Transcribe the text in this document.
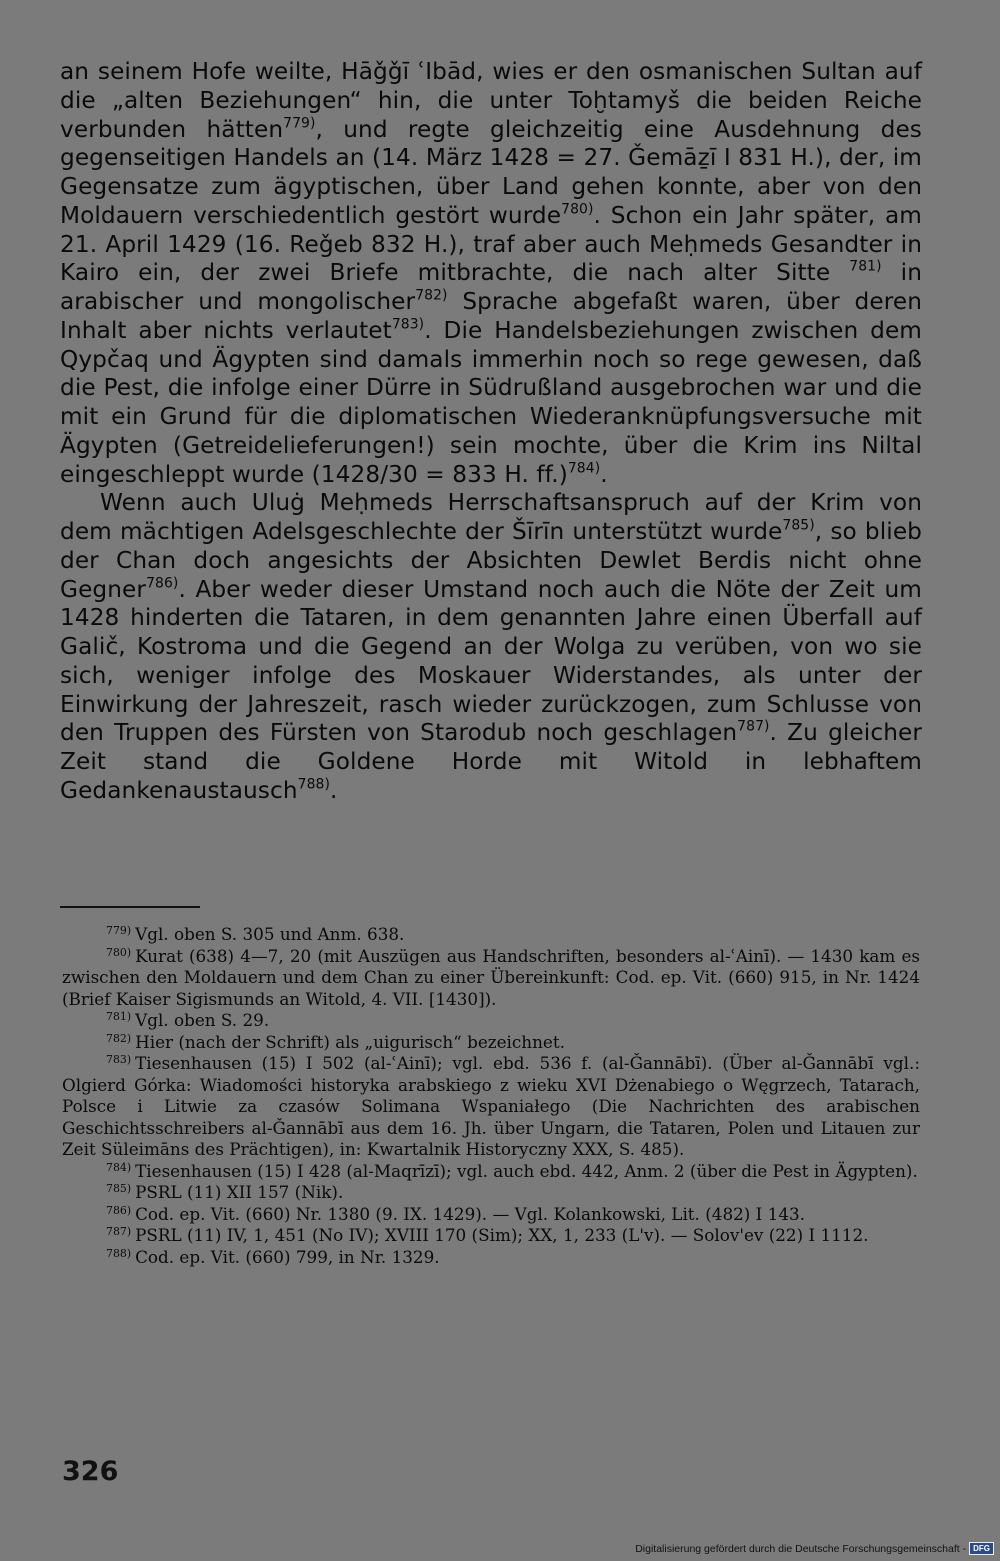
an seinem Hofe weilte, Hāǧǧī ʿIbād, wies er den osmanischen Sultan auf die „alten Beziehungen“ hin, die unter Toḫtamyš die beiden Reiche verbunden hätten$^{779)}$, und regte gleichzeitig eine Ausdehnung des gegenseitigen Handels an (14. März 1428 = 27. Ǧemāẕī I 831 H.), der, im Gegensatze zum ägyptischen, über Land gehen konnte, aber von den Moldauern verschiedentlich gestört wurde$^{780)}$. Schon ein Jahr später, am 21. April 1429 (16. Reǧeb 832 H.), traf aber auch Meḥmeds Gesandter in Kairo ein, der zwei Briefe mitbrachte, die nach alter Sitte $^{781)}$ in arabischer und mongolischer$^{782)}$ Sprache abgefaßt waren, über deren Inhalt aber nichts verlautet$^{783)}$. Die Handelsbeziehungen zwischen dem Qypčaq und Ägypten sind damals immerhin noch so rege gewesen, daß die Pest, die infolge einer Dürre in Südrußland ausgebrochen war und die mit ein Grund für die diplomatischen Wiederanknüpfungsversuche mit Ägypten (Getreidelieferungen!) sein mochte, über die Krim ins Niltal eingeschleppt wurde (1428/30 = 833 H. ff.)$^{784)}$.

Wenn auch Uluġ Meḥmeds Herrschaftsanspruch auf der Krim von dem mächtigen Adelsgeschlechte der Šīrīn unterstützt wurde$^{785)}$, so blieb der Chan doch angesichts der Absichten Dewlet Berdis nicht ohne Gegner$^{786)}$. Aber weder dieser Umstand noch auch die Nöte der Zeit um 1428 hinderten die Tataren, in dem genannten Jahre einen Überfall auf Galič, Kostroma und die Gegend an der Wolga zu verüben, von wo sie sich, weniger infolge des Moskauer Widerstandes, als unter der Einwirkung der Jahreszeit, rasch wieder zurückzogen, zum Schlusse von den Truppen des Fürsten von Starodub noch geschlagen$^{787)}$. Zu gleicher Zeit stand die Goldene Horde mit Witold in lebhaftem Gedankenaustausch$^{788)}$.

$^{779)}$ Vgl. oben S. 305 und Anm. 638.

$^{780)}$ Kurat (638) 4—7, 20 (mit Auszügen aus Handschriften, besonders al-ʿAinī). — 1430 kam es zwischen den Moldauern und dem Chan zu einer Übereinkunft: Cod. ep. Vit. (660) 915, in Nr. 1424 (Brief Kaiser Sigismunds an Witold, 4. VII. [1430]).

$^{781)}$ Vgl. oben S. 29.

$^{782)}$ Hier (nach der Schrift) als „uigurisch“ bezeichnet.

$^{783)}$ Tiesenhausen (15) I 502 (al-ʿAinī); vgl. ebd. 536 f. (al-Ǧannābī). (Über al-Ǧannābī vgl.: Olgierd Górka: Wiadomości historyka arabskiego z wieku XVI Dżenabiego o Węgrzech, Tatarach, Polsce i Litwie za czasów Solimana Wspaniałego (Die Nachrichten des arabischen Geschichtsschreibers al-Ǧannābī aus dem 16. Jh. über Ungarn, die Tataren, Polen und Litauen zur Zeit Süleimāns des Prächtigen), in: Kwartalnik Historyczny XXX, S. 485).

$^{784)}$ Tiesenhausen (15) I 428 (al-Maqrīzī); vgl. auch ebd. 442, Anm. 2 (über die Pest in Ägypten).

$^{785)}$ PSRL (11) XII 157 (Nik).

$^{786)}$ Cod. ep. Vit. (660) Nr. 1380 (9. IX. 1429). — Vgl. Kolankowski, Lit. (482) I 143.

$^{787)}$ PSRL (11) IV, 1, 451 (No IV); XVIII 170 (Sim); XX, 1, 233 (L'v). — Solov'ev (22) I 1112.

$^{788)}$ Cod. ep. Vit. (660) 799, in Nr. 1329.

326
Digitalisierung gefördert durch die Deutsche Forschungsgemeinschaft - DFG
